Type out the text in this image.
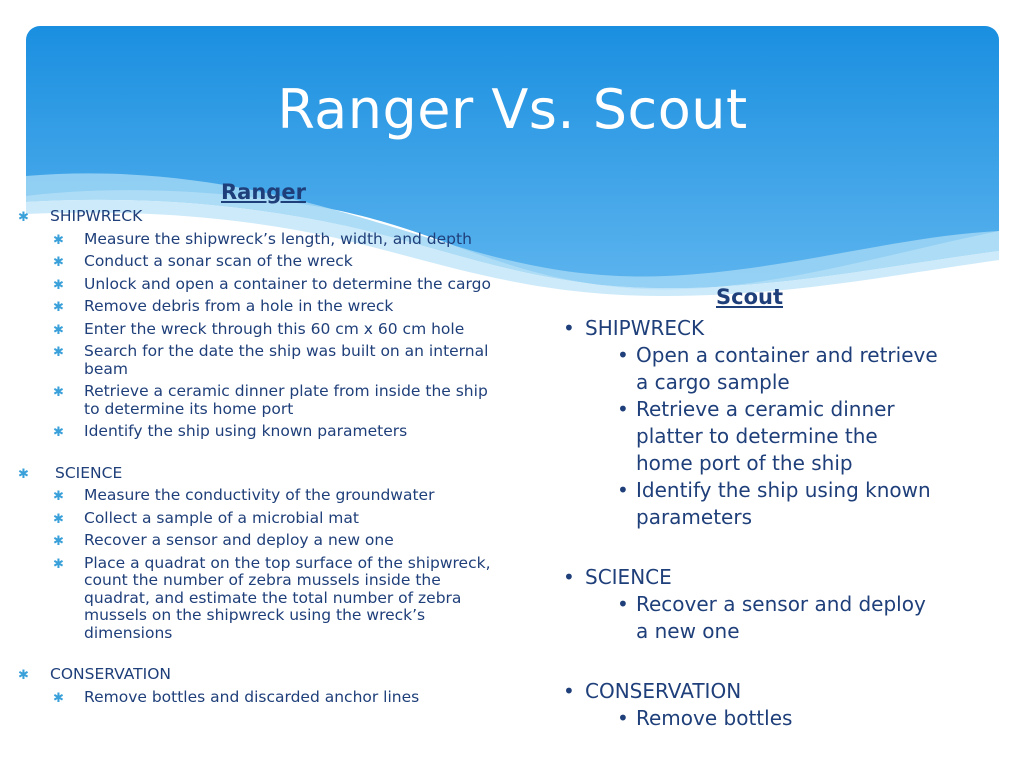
Ranger Vs. Scout
Ranger
✱ SHIPWRECK
✱ Measure the shipwreck’s length, width, and depth
✱ Conduct a sonar scan of the wreck
✱ Unlock and open a container to determine the cargo
✱ Remove debris from a hole in the wreck
✱ Enter the wreck through this 60 cm x 60 cm hole
✱ Search for the date the ship was built on an internal beam
✱ Retrieve a ceramic dinner plate from inside the ship to determine its home port
✱ Identify the ship using known parameters
✱ SCIENCE
✱ Measure the conductivity of the groundwater
✱ Collect a sample of a microbial mat
✱ Recover a sensor and deploy a new one
✱ Place a quadrat on the top surface of the shipwreck, count the number of zebra mussels inside the quadrat, and estimate the total number of zebra mussels on the shipwreck using the wreck’s dimensions
✱ CONSERVATION
✱ Remove bottles and discarded anchor lines
Scout
• SHIPWRECK
• Open a container and retrieve a cargo sample
• Retrieve a ceramic dinner platter to determine the home port of the ship
• Identify the ship using known parameters
• SCIENCE
• Recover a sensor and deploy a new one
• CONSERVATION
• Remove bottles
